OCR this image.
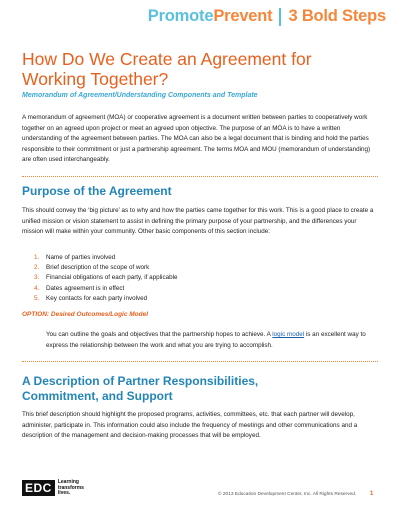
Promote Prevent 3 Bold Steps
How Do We Create an Agreement for Working Together?
Memorandum of Agreement/Understanding Components and Template

A memorandum of agreement (MOA) or cooperative agreement is a document written between parties to cooperatively work together on an agreed upon project or meet an agreed upon objective. The purpose of an MOA is to have a written understanding of the agreement between parties. The MOA can also be a legal document that is binding and hold the parties responsible to their commitment or just a partnership agreement. The terms MOA and MOU (memorandum of understanding) are often used interchangeably.

Purpose of the Agreement

This should convey the ‘big picture’ as to why and how the parties came together for this work. This is a good place to create a unified mission or vision statement to assist in defining the primary purpose of your partnership, and the differences your mission will make within your community. Other basic components of this section include:

1.	Name of parties involved
2.	Brief description of the scope of work
3.	Financial obligations of each party, if applicable
4.	Dates agreement is in effect
5.	Key contacts for each party involved
OPTION: Desired Outcomes/Logic Model

You can outline the goals and objectives that the partnership hopes to achieve. A logic model is an excellent way to express the relationship between the work and what you are trying to accomplish.

A Description of Partner Responsibilities, Commitment, and Support

This brief description should highlight the proposed programs, activities, committees, etc. that each partner will develop, administer, participate in. This information could also include the frequency of meetings and other communications and a description of the management and decision-making processes that will be employed.

EDC	Learning
transforms
lives.	© 2013 Education Development Center, Inc. All Rights Reserved. 1
